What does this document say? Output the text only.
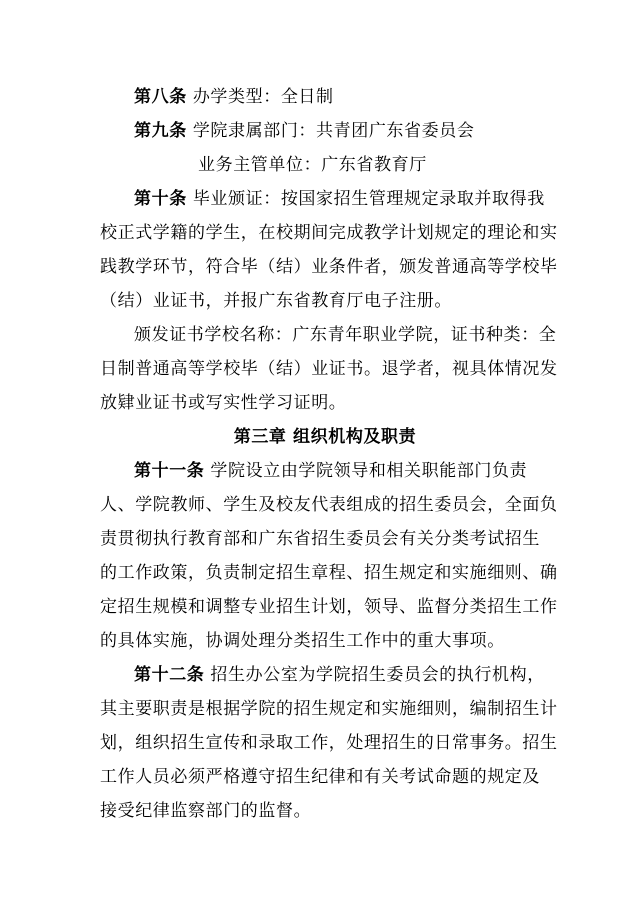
第八条 办学类型：全日制
第九条 学院隶属部门：共青团广东省委员会
业务主管单位：广东省教育厅
第十条 毕业颁证：按国家招生管理规定录取并取得我
校正式学籍的学生，在校期间完成教学计划规定的理论和实
践教学环节，符合毕（结）业条件者，颁发普通高等学校毕
（结）业证书，并报广东省教育厅电子注册。
颁发证书学校名称：广东青年职业学院，证书种类：全
日制普通高等学校毕（结）业证书。退学者，视具体情况发
放肄业证书或写实性学习证明。
第三章 组织机构及职责
第十一条 学院设立由学院领导和相关职能部门负责
人、学院教师、学生及校友代表组成的招生委员会，全面负
责贯彻执行教育部和广东省招生委员会有关分类考试招生
的工作政策，负责制定招生章程、招生规定和实施细则、确
定招生规模和调整专业招生计划，领导、监督分类招生工作
的具体实施，协调处理分类招生工作中的重大事项。
第十二条 招生办公室为学院招生委员会的执行机构，
其主要职责是根据学院的招生规定和实施细则，编制招生计
划，组织招生宣传和录取工作，处理招生的日常事务。招生
工作人员必须严格遵守招生纪律和有关考试命题的规定及
接受纪律监察部门的监督。
